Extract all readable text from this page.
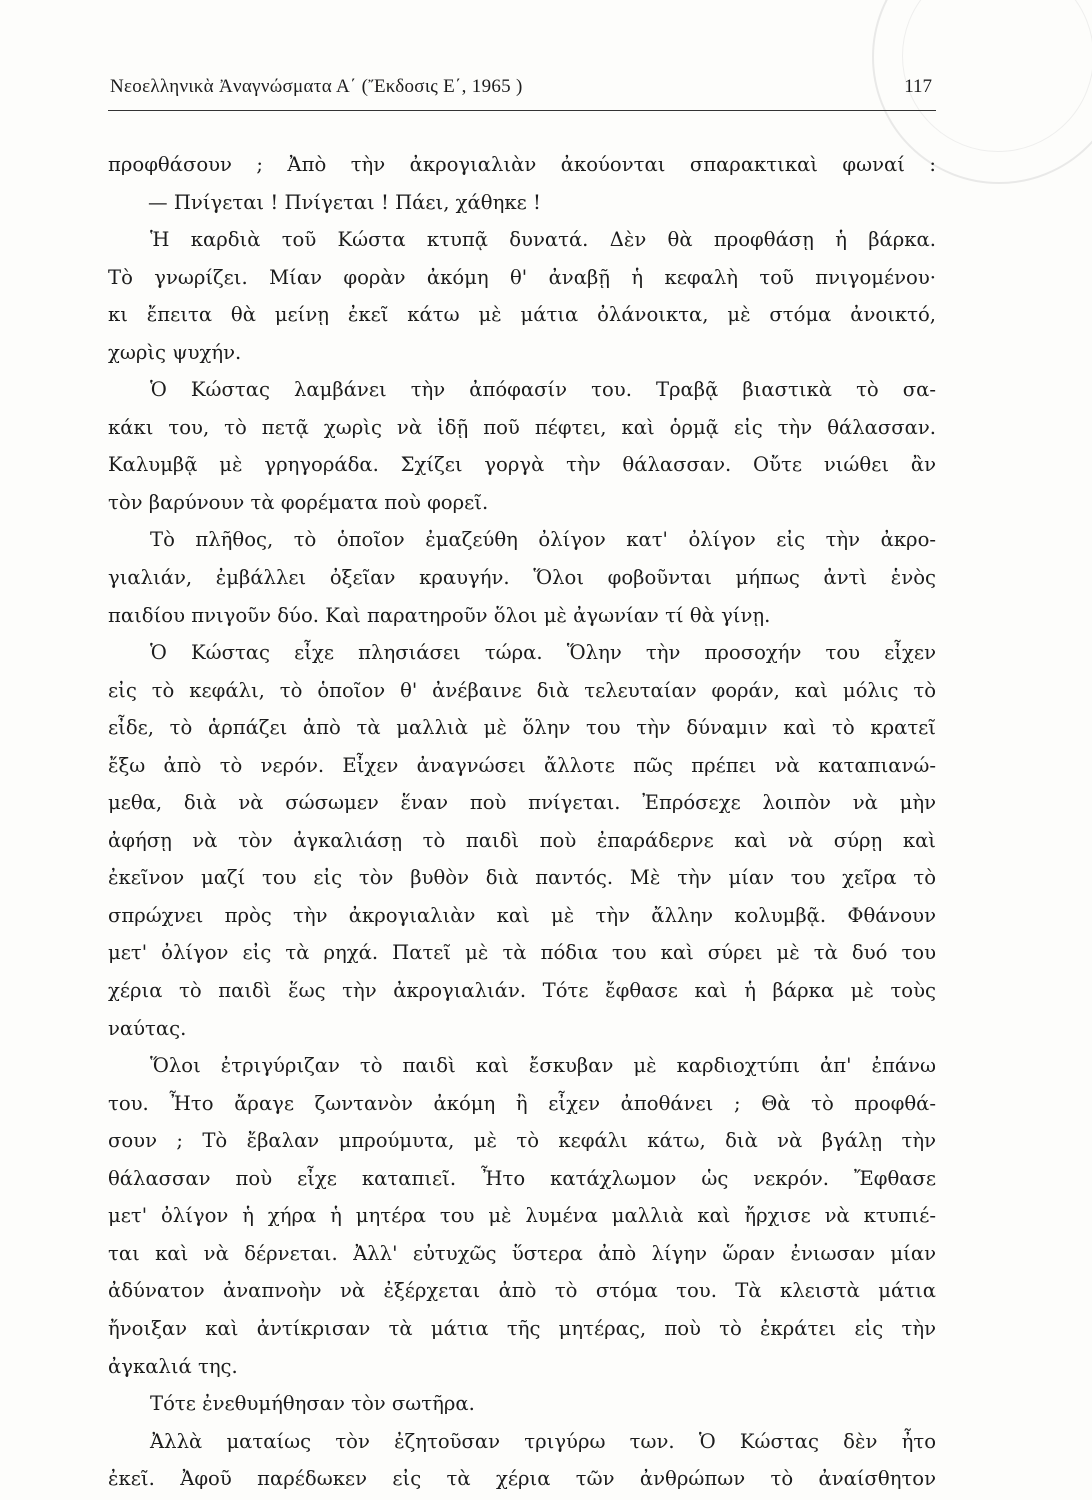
Νεοελληνικὰ Ἀναγνώσματα Α΄ (Ἔκδοσις Ε΄, 1965 )	117
προφθάσουν ; Ἀπὸ τὴν ἀκρογιαλιὰν ἀκούονται σπαρακτικαὶ φωναί :
— Πνίγεται ! Πνίγεται ! Πάει, χάθηκε !
Ἡ καρδιὰ τοῦ Κώστα κτυπᾷ δυνατά. Δὲν θὰ προφθάσῃ ἡ βάρκα.
Τὸ γνωρίζει. Μίαν φορὰν ἀκόμη θ' ἀναβῇ ἡ κεφαλὴ τοῦ πνιγομένου·
κι ἔπειτα θὰ μείνῃ ἐκεῖ κάτω μὲ μάτια ὀλάνοικτα, μὲ στόμα ἀνοικτό,
χωρὶς ψυχήν.
Ὁ Κώστας λαμβάνει τὴν ἀπόφασίν του. Τραβᾷ βιαστικὰ τὸ σα-
κάκι του, τὸ πετᾷ χωρὶς νὰ ἰδῇ ποῦ πέφτει, καὶ ὁρμᾷ εἰς τὴν θάλασσαν.
Καλυμβᾷ μὲ γρηγοράδα. Σχίζει γοργὰ τὴν θάλασσαν. Οὔτε νιώθει ἂν
τὸν βαρύνουν τὰ φορέματα ποὺ φορεῖ.
Τὸ πλῆθος, τὸ ὁποῖον ἐμαζεύθη ὀλίγον κατ' ὀλίγον εἰς τὴν ἀκρο-
γιαλιάν, ἐμβάλλει ὀξεῖαν κραυγήν. Ὅλοι φοβοῦνται μήπως ἀντὶ ἑνὸς
παιδίου πνιγοῦν δύο. Καὶ παρατηροῦν ὅλοι μὲ ἀγωνίαν τί θὰ γίνῃ.
Ὁ Κώστας εἶχε πλησιάσει τώρα. Ὅλην τὴν προσοχήν του εἶχεν
εἰς τὸ κεφάλι, τὸ ὁποῖον θ' ἀνέβαινε διὰ τελευταίαν φοράν, καὶ μόλις τὸ
εἶδε, τὸ ἁρπάζει ἀπὸ τὰ μαλλιὰ μὲ ὅλην του τὴν δύναμιν καὶ τὸ κρατεῖ
ἔξω ἀπὸ τὸ νερόν. Εἶχεν ἀναγνώσει ἄλλοτε πῶς πρέπει νὰ καταπιανώ-
μεθα, διὰ νὰ σώσωμεν ἕναν ποὺ πνίγεται. Ἐπρόσεχε λοιπὸν νὰ μὴν
ἀφήσῃ νὰ τὸν ἀγκαλιάσῃ τὸ παιδὶ ποὺ ἐπαράδερνε καὶ νὰ σύρῃ καὶ
ἐκεῖνον μαζί του εἰς τὸν βυθὸν διὰ παντός. Μὲ τὴν μίαν του χεῖρα τὸ
σπρώχνει πρὸς τὴν ἀκρογιαλιὰν καὶ μὲ τὴν ἄλλην κολυμβᾷ. Φθάνουν
μετ' ὀλίγον εἰς τὰ ρηχά. Πατεῖ μὲ τὰ πόδια του καὶ σύρει μὲ τὰ δυό του
χέρια τὸ παιδὶ ἕως τὴν ἀκρογιαλιάν. Τότε ἔφθασε καὶ ἡ βάρκα μὲ τοὺς
ναύτας.
Ὅλοι ἐτριγύριζαν τὸ παιδὶ καὶ ἔσκυβαν μὲ καρδιοχτύπι ἀπ' ἐπάνω
του. Ἦτο ἄραγε ζωντανὸν ἀκόμη ἢ εἶχεν ἀποθάνει ; Θὰ τὸ προφθά-
σουν ; Τὸ ἔβαλαν μπρούμυτα, μὲ τὸ κεφάλι κάτω, διὰ νὰ βγάλῃ τὴν
θάλασσαν ποὺ εἶχε καταπιεῖ. Ἦτο κατάχλωμον ὡς νεκρόν. Ἔφθασε
μετ' ὀλίγον ἡ χήρα ἡ μητέρα του μὲ λυμένα μαλλιὰ καὶ ἤρχισε νὰ κτυπιέ-
ται καὶ νὰ δέρνεται. Ἀλλ' εὐτυχῶς ὕστερα ἀπὸ λίγην ὥραν ἐνιωσαν μίαν
ἀδύνατον ἀναπνοὴν νὰ ἐξέρχεται ἀπὸ τὸ στόμα του. Τὰ κλειστὰ μάτια
ἤνοιξαν καὶ ἀντίκρισαν τὰ μάτια τῆς μητέρας, ποὺ τὸ ἐκράτει εἰς τὴν
ἀγκαλιά της.
Τότε ἐνεθυμήθησαν τὸν σωτῆρα.
Ἀλλὰ ματαίως τὸν ἐζητοῦσαν τριγύρω των. Ὁ Κώστας δὲν ἦτο
ἐκεῖ. Ἀφοῦ παρέδωκεν εἰς τὰ χέρια τῶν ἀνθρώπων τὸ ἀναίσθητον
